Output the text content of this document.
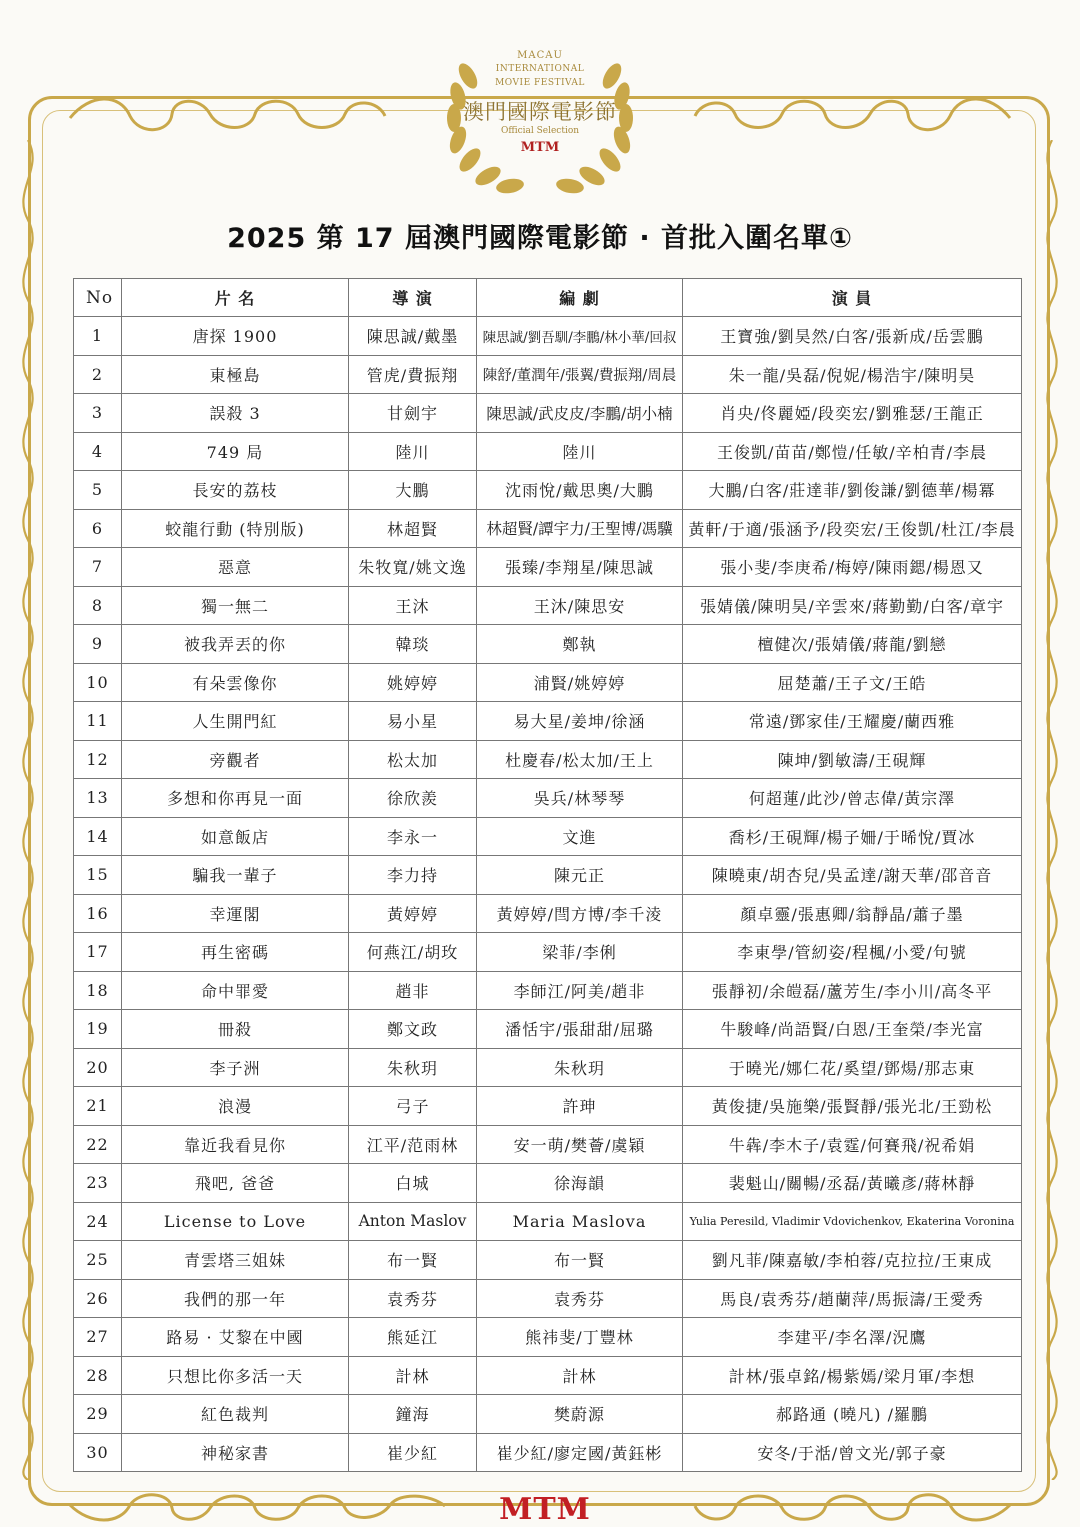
MACAU
INTERNATIONAL
MOVIE FESTIVAL
澳門國際電影節
Official Selection
MTM
2025 第 17 屆澳門國際電影節 · 首批入圍名單①
No	片 名	導 演	編 劇	演 員
1	唐探 1900	陳思誠/戴墨	陳思誠/劉吾馴/李鵬/林小華/回叔	王寶強/劉昊然/白客/張新成/岳雲鵬
2	東極島	管虎/費振翔	陳舒/董潤年/張翼/費振翔/周晨	朱一龍/吳磊/倪妮/楊浩宇/陳明昊
3	誤殺 3	甘劍宇	陳思誠/武皮皮/李鵬/胡小楠	肖央/佟麗婭/段奕宏/劉雅瑟/王龍正
4	749 局	陸川	陸川	王俊凱/苗苗/鄭愷/任敏/辛柏青/李晨
5	長安的荔枝	大鵬	沈雨悅/戴思奧/大鵬	大鵬/白客/莊達菲/劉俊謙/劉德華/楊冪
6	蛟龍行動 (特別版)	林超賢	林超賢/譚宇力/王聖博/馮驥	黃軒/于適/張涵予/段奕宏/王俊凱/杜江/李晨
7	惡意	朱牧寬/姚文逸	張臻/李翔星/陳思誠	張小斐/李庚希/梅婷/陳雨鍶/楊恩又
8	獨一無二	王沐	王沐/陳思安	張婧儀/陳明昊/辛雲來/蔣勤勤/白客/章宇
9	被我弄丟的你	韓琰	鄭執	檀健次/張婧儀/蔣龍/劉戀
10	有朵雲像你	姚婷婷	浦賢/姚婷婷	屈楚蕭/王子文/王皓
11	人生開門紅	易小星	易大星/姜坤/徐涵	常遠/鄧家佳/王耀慶/蘭西雅
12	旁觀者	松太加	杜慶春/松太加/王上	陳坤/劉敏濤/王硯輝
13	多想和你再見一面	徐欣羨	吳兵/林琴琴	何超蓮/此沙/曾志偉/黃宗澤
14	如意飯店	李永一	文進	喬杉/王硯輝/楊子姍/于晞悅/賈冰
15	騙我一輩子	李力持	陳元正	陳曉東/胡杏兒/吳孟達/謝天華/邵音音
16	幸運閣	黃婷婷	黃婷婷/閆方博/李千淩	顏卓靈/張惠卿/翁靜晶/蕭子墨
17	再生密碼	何燕江/胡玫	梁菲/李俐	李東學/管紉姿/程楓/小愛/句號
18	命中罪愛	趙非	李師江/阿美/趙非	張靜初/余皚磊/蘆芳生/李小川/高冬平
19	冊殺	鄭文政	潘恬宇/張甜甜/屈璐	牛駿峰/尚語賢/白恩/王奎榮/李光富
20	李子洲	朱秋玥	朱秋玥	于曉光/娜仁花/奚望/鄧煬/那志東
21	浪漫	弓子	許珅	黃俊捷/吳施樂/張賢靜/張光北/王勁松
22	靠近我看見你	江平/范雨林	安一萌/樊薈/虞穎	牛犇/李木子/袁霆/何賽飛/祝希娟
23	飛吧, 爸爸	白城	徐海韻	裴魁山/關暢/丞磊/黃曦彥/蔣林靜
24	License to Love	Anton Maslov	Maria Maslova	Yulia Peresild, Vladimir Vdovichenkov, Ekaterina Voronina
25	青雲塔三姐妹	布一賢	布一賢	劉凡菲/陳嘉敏/李柏蓉/克拉拉/王東成
26	我們的那一年	袁秀芬	袁秀芬	馬良/袁秀芬/趙蘭萍/馬振濤/王愛秀
27	路易 · 艾黎在中國	熊延江	熊祎斐/丁豐林	李建平/李名澤/況鷹
28	只想比你多活一天	計林	計林	計林/張卓銘/楊紫嫣/梁月軍/李想
29	紅色裁判	鐘海	樊蔚源	郝路通 (曉凡) /羅鵬
30	神秘家書	崔少紅	崔少紅/廖定國/黃鈺彬	安冬/于湉/曾文光/郭子豪
MTM
